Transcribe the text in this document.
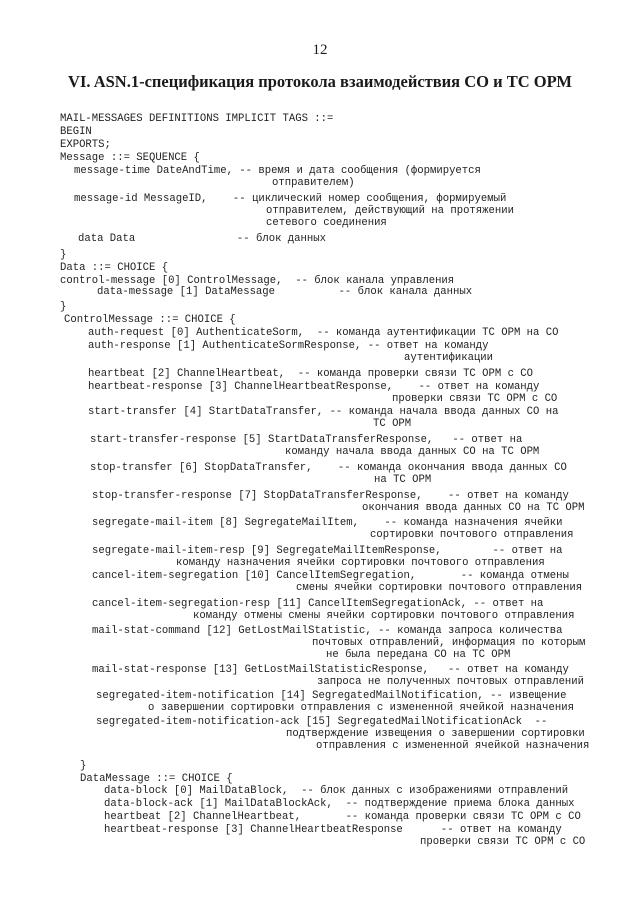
12
VI. ASN.1-спецификация протокола взаимодействия СО и ТС ОРМ
MAIL-MESSAGES DEFINITIONS IMPLICIT TAGS ::=
BEGIN
EXPORTS;
Message ::= SEQUENCE {
message-time DateAndTime, -- время и дата сообщения (формируется
отправителем)
message-id MessageID,    -- циклический номер сообщения, формируемый
отправителем, действующий на протяжении
сетевого соединения
data Data                -- блок данных
}
Data ::= CHOICE {
control-message [0] ControlMessage,  -- блок канала управления
data-message [1] DataMessage          -- блок канала данных
}
ControlMessage ::= CHOICE {
auth-request [0] AuthenticateSorm,  -- команда аутентификации ТС ОРМ на СО
auth-response [1] AuthenticateSormResponse, -- ответ на команду
аутентификации
heartbeat [2] ChannelHeartbeat,  -- команда проверки связи ТС ОРМ с СО
heartbeat-response [3] ChannelHeartbeatResponse,    -- ответ на команду
проверки связи ТС ОРМ с СО
start-transfer [4] StartDataTransfer, -- команда начала ввода данных СО на
ТС ОРМ
start-transfer-response [5] StartDataTransferResponse,   -- ответ на
команду начала ввода данных СО на ТС ОРМ
stop-transfer [6] StopDataTransfer,    -- команда окончания ввода данных СО
на ТС ОРМ
stop-transfer-response [7] StopDataTransferResponse,    -- ответ на команду
окончания ввода данных СО на ТС ОРМ
segregate-mail-item [8] SegregateMailItem,    -- команда назначения ячейки
сортировки почтового отправления
segregate-mail-item-resp [9] SegregateMailItemResponse,        -- ответ на
команду назначения ячейки сортировки почтового отправления
cancel-item-segregation [10] CancelItemSegregation,       -- команда отмены
смены ячейки сортировки почтового отправления
cancel-item-segregation-resp [11] CancelItemSegregationAck, -- ответ на
команду отмены смены ячейки сортировки почтового отправления
mail-stat-command [12] GetLostMailStatistic, -- команда запроса количества
почтовых отправлений, информация по которым
не была передана СО на ТС ОРМ
mail-stat-response [13] GetLostMailStatisticResponse,   -- ответ на команду
запроса не полученных почтовых отправлений
segregated-item-notification [14] SegregatedMailNotification, -- извещение
о завершении сортировки отправления с измененной ячейкой назначения
segregated-item-notification-ack [15] SegregatedMailNotificationAck  --
подтверждение извещения о завершении сортировки
отправления с измененной ячейкой назначения
}
DataMessage ::= CHOICE {
data-block [0] MailDataBlock,  -- блок данных с изображениями отправлений
data-block-ack [1] MailDataBlockAck,  -- подтверждение приема блока данных
heartbeat [2] ChannelHeartbeat,       -- команда проверки связи ТС ОРМ с СО
heartbeat-response [3] ChannelHeartbeatResponse      -- ответ на команду
проверки связи ТС ОРМ с СО
